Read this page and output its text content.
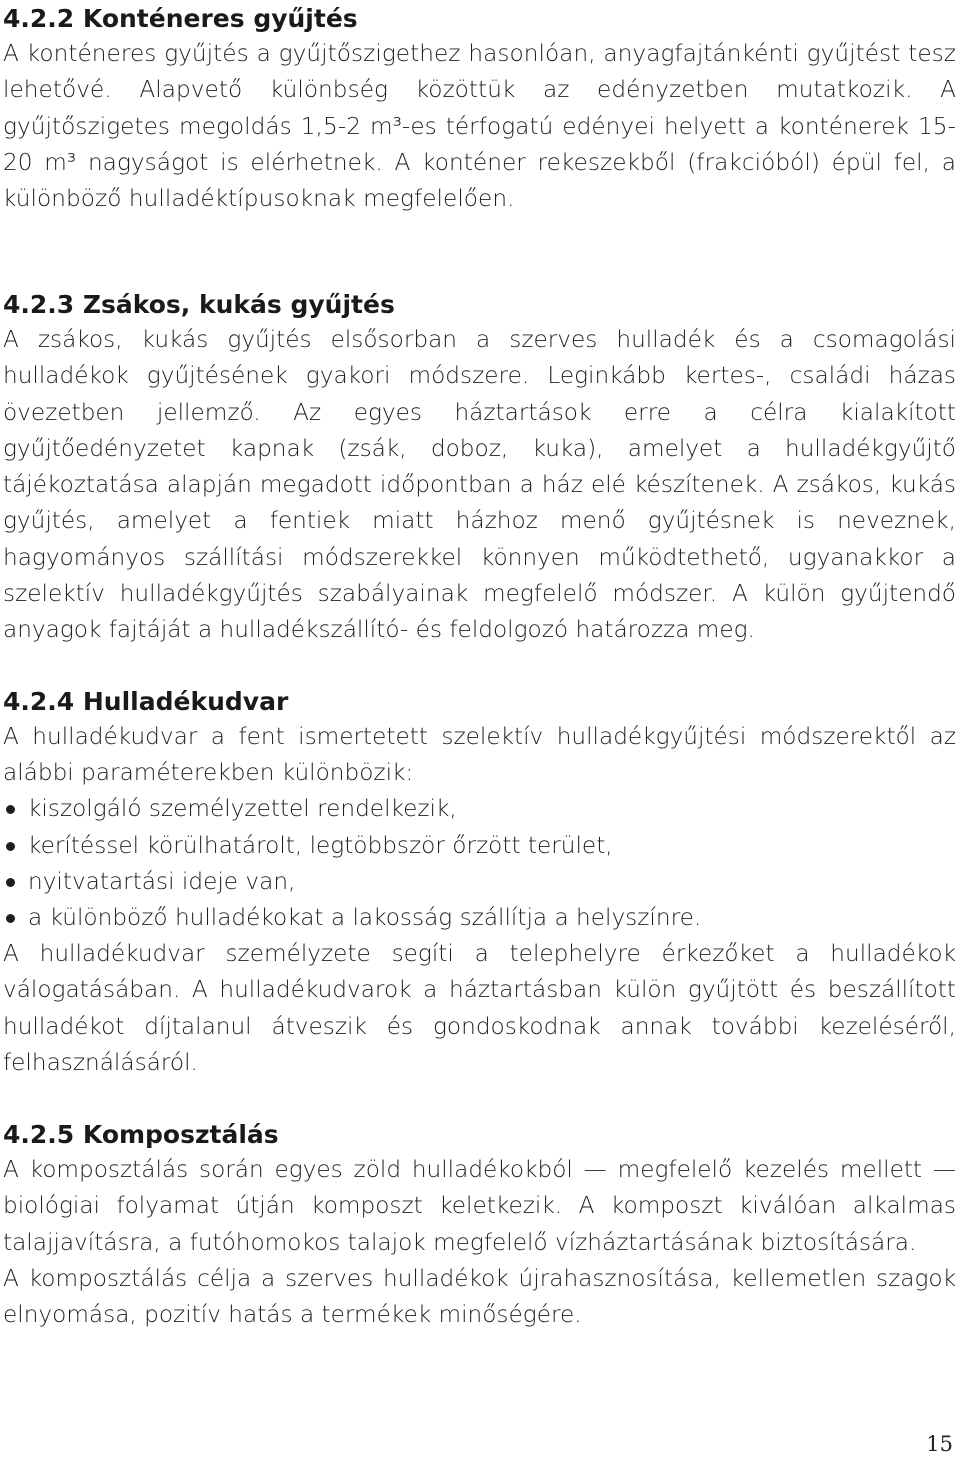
4.2.2 Konténeres gyűjtés

A konténeres gyűjtés a gyűjtőszigethez hasonlóan, anyagfajtánkénti gyűjtést tesz lehetővé. Alapvető különbség közöttük az edényzetben mutatkozik. A gyűjtőszigetes megoldás 1,5-2 m³-es térfogatú edényei helyett a konténerek 15-20 m³ nagyságot is elérhetnek. A konténer rekeszekből (frakcióból) épül fel, a különböző hulladéktípusoknak megfelelően.

4.2.3 Zsákos, kukás gyűjtés

A zsákos, kukás gyűjtés elsősorban a szerves hulladék és a csomagolási hulladékok gyűjtésének gyakori módszere. Leginkább kertes-, családi házas övezetben jellemző. Az egyes háztartások erre a célra kialakított gyűjtőedényzetet kapnak (zsák, doboz, kuka), amelyet a hulladékgyűjtő tájékoztatása alapján megadott időpontban a ház elé készítenek. A zsákos, kukás gyűjtés, amelyet a fentiek miatt házhoz menő gyűjtésnek is neveznek, hagyományos szállítási módszerekkel könnyen működtethető, ugyanakkor a szelektív hulladékgyűjtés szabályainak megfelelő módszer. A külön gyűjtendő anyagok fajtáját a hulladékszállító- és feldolgozó határozza meg.

4.2.4 Hulladékudvar

A hulladékudvar a fent ismertetett szelektív hulladékgyűjtési módszerektől az alábbi paraméterekben különbözik:

kiszolgáló személyzettel rendelkezik,
kerítéssel körülhatárolt, legtöbbször őrzött terület,
nyitvatartási ideje van,
a különböző hulladékokat a lakosság szállítja a helyszínre.

A hulladékudvar személyzete segíti a telephelyre érkezőket a hulladékok válogatásában. A hulladékudvarok a háztartásban külön gyűjtött és beszállított hulladékot díjtalanul átveszik és gondoskodnak annak további kezeléséről, felhasználásáról.

4.2.5 Komposztálás

A komposztálás során egyes zöld hulladékokból — megfelelő kezelés mellett — biológiai folyamat útján komposzt keletkezik. A komposzt kiválóan alkalmas talajjavításra, a futóhomokos talajok megfelelő vízháztartásának biztosítására.

A komposztálás célja a szerves hulladékok újrahasznosítása, kellemetlen szagok elnyomása, pozitív hatás a termékek minőségére.

15
